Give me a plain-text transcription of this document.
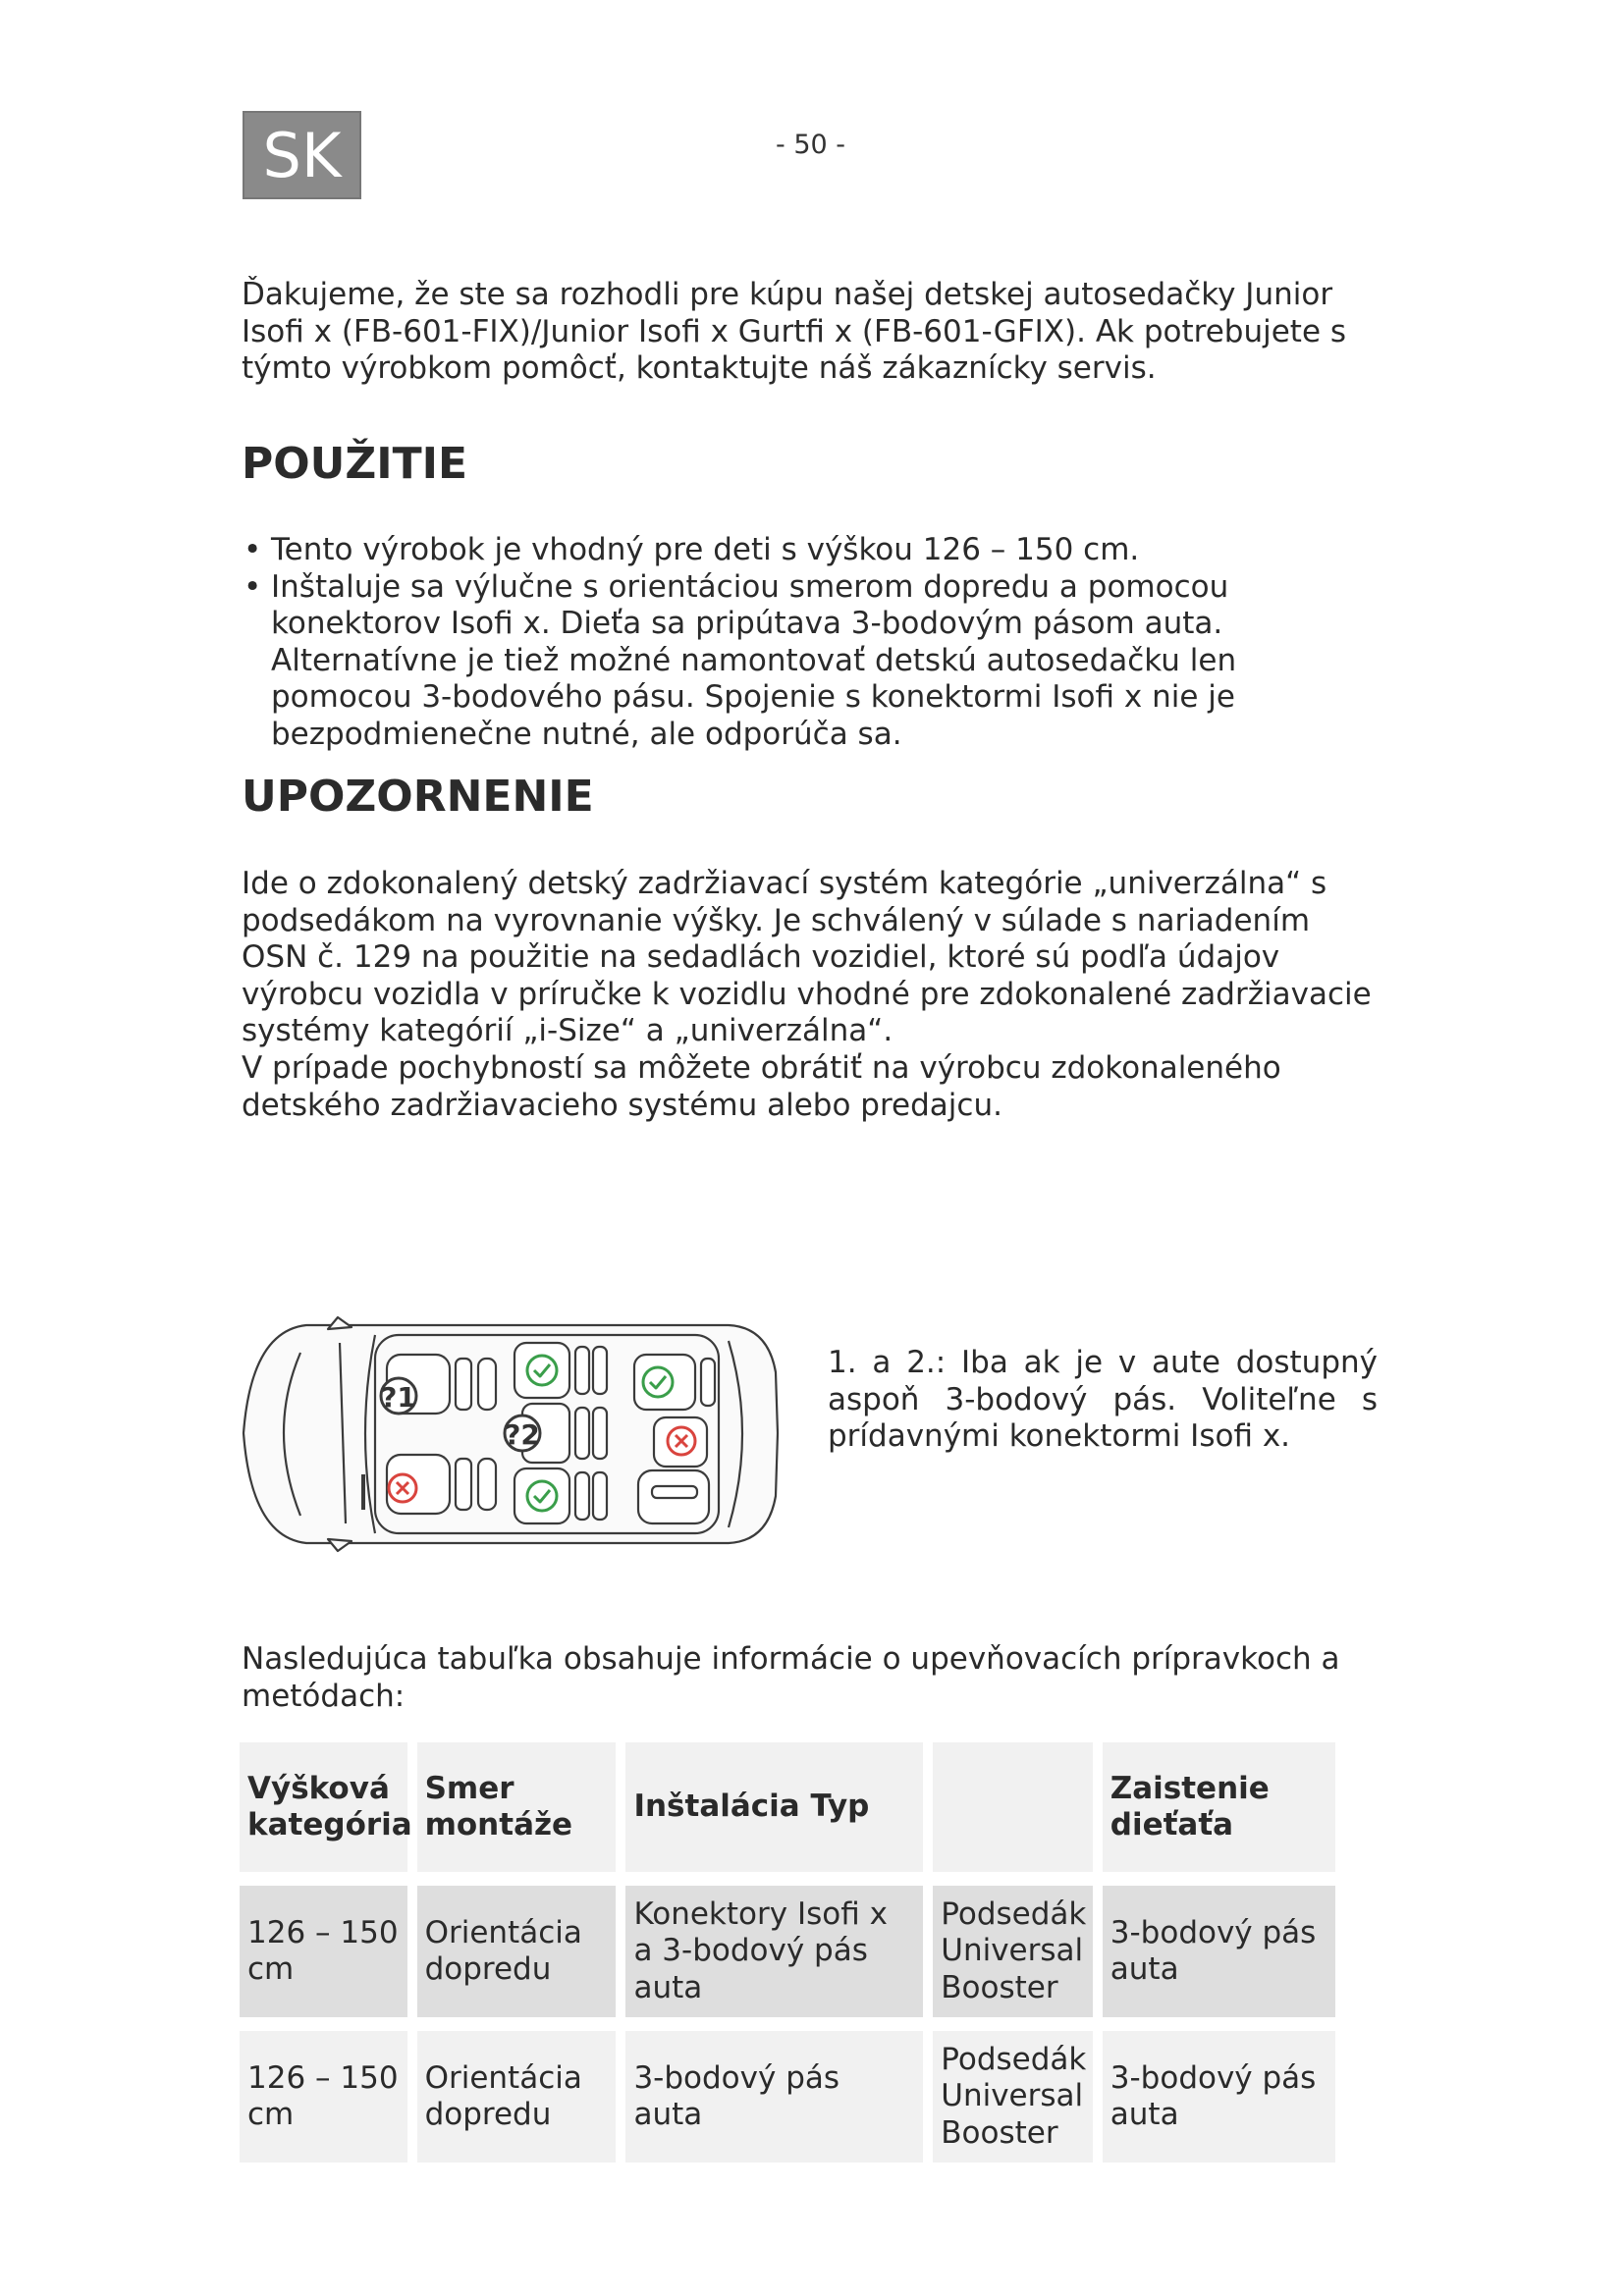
SK	- 50 -

Ďakujeme, že ste sa rozhodli pre kúpu našej detskej autosedačky Junior Isofi x (FB-601-FIX)/Junior Isofi x Gurtfi x (FB-601-GFIX). Ak potrebujete s týmto výrobkom pomôcť, kontaktujte náš zákaznícky servis.

POUŽITIE
• Tento výrobok je vhodný pre deti s výškou 126 – 150 cm.
• Inštaluje sa výlučne s orientáciou smerom dopredu a pomocou konektorov Isofi x. Dieťa sa pripútava 3-bodovým pásom auta. Alternatívne je tiež možné namontovať detskú autosedačku len pomocou 3-bodového pásu. Spojenie s konektormi Isofi x nie je bezpodmienečne nutné, ale odporúča sa.
UPOZORNENIE

Ide o zdokonalený detský zadržiavací systém kategórie „univerzálna“ s podsedákom na vyrovnanie výšky. Je schválený v súlade s nariadením OSN č. 129 na použitie na sedadlách vozidiel, ktoré sú podľa údajov výrobcu vozidla v príručke k vozidlu vhodné pre zdokonalené zadržiavacie systémy kategórií „i-Size“ a „univerzálna“.

V prípade pochybností sa môžete obrátiť na výrobcu zdokonaleného detského zadržiavacieho systému alebo predajcu.

?1
?2

1. a 2.: Iba ak je v aute dostupný aspoň 3-bodový pás. Voliteľne s prídavnými konektormi Isofi x.

Nasledujúca tabuľka obsahuje informácie o upevňovacích prípravkoch a metódach:

Výšková kategória	Smer montáže	Inštalácia Typ		Zaistenie dieťaťa
126 – 150 cm	Orientácia dopredu	Konektory Isofi x a 3-bodový pás auta	Podsedák Universal Booster	3-bodový pás auta
126 – 150 cm	Orientácia dopredu	3-bodový pás auta	Podsedák Universal Booster	3-bodový pás auta
